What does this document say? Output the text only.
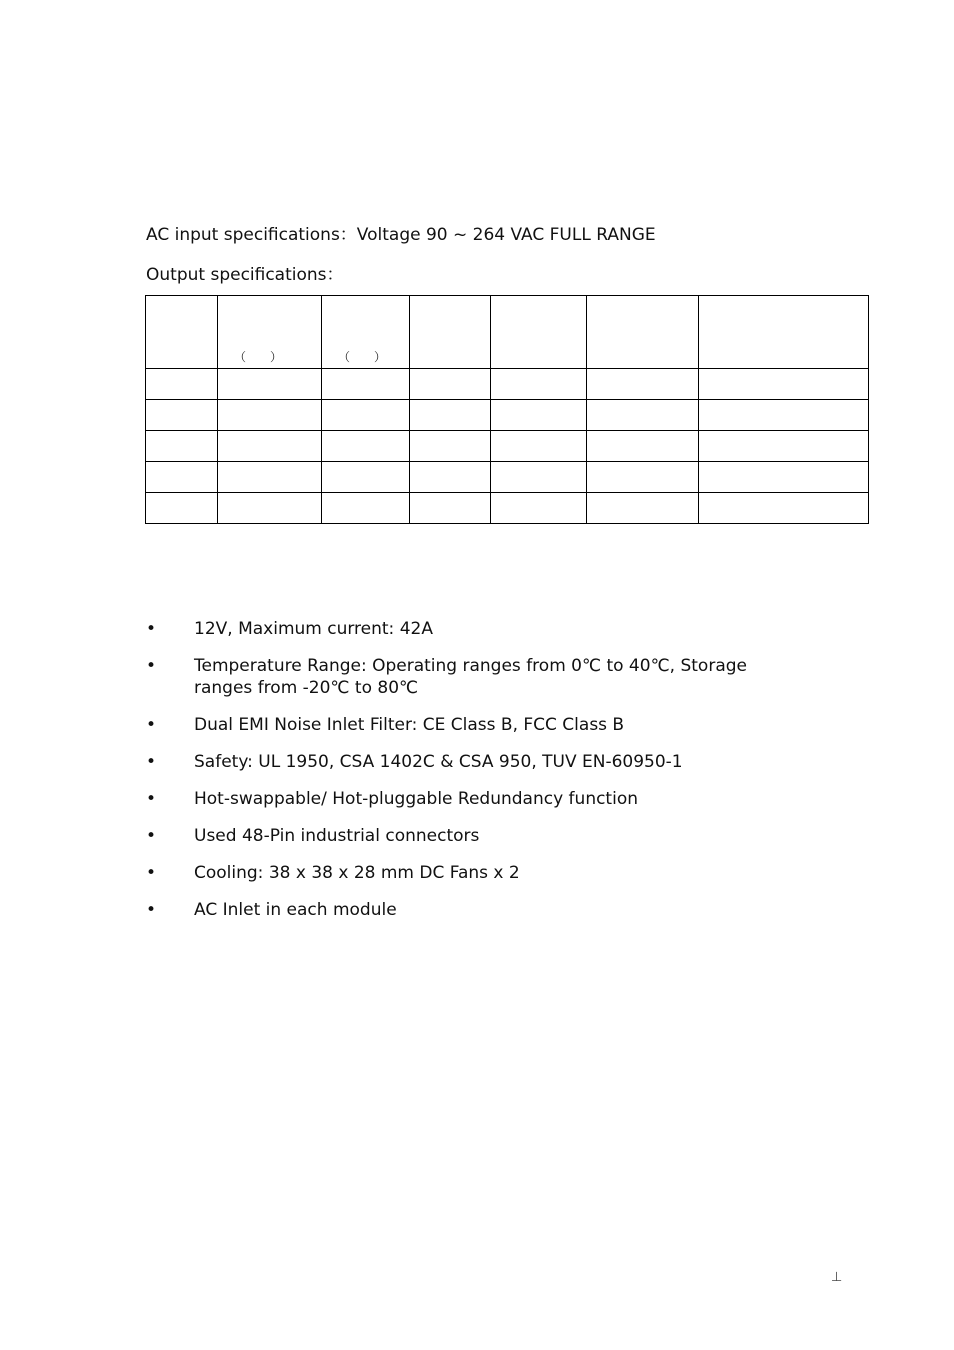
AC input specifications：Voltage 90 ~ 264 VAC FULL RANGE
Output specifications：
	（　　）	（　　）				

• 12V, Maximum current: 42A
• Temperature Range: Operating ranges from 0℃ to 40℃, Storage ranges from -20℃ to 80℃
• Dual EMI Noise Inlet Filter: CE Class B, FCC Class B
• Safety: UL 1950, CSA 1402C & CSA 950, TUV EN-60950-1
• Hot-swappable/ Hot-pluggable Redundancy function
• Used 48-Pin industrial connectors
• Cooling: 38 x 38 x 28 mm DC Fans x 2
• AC Inlet in each module
⊥
